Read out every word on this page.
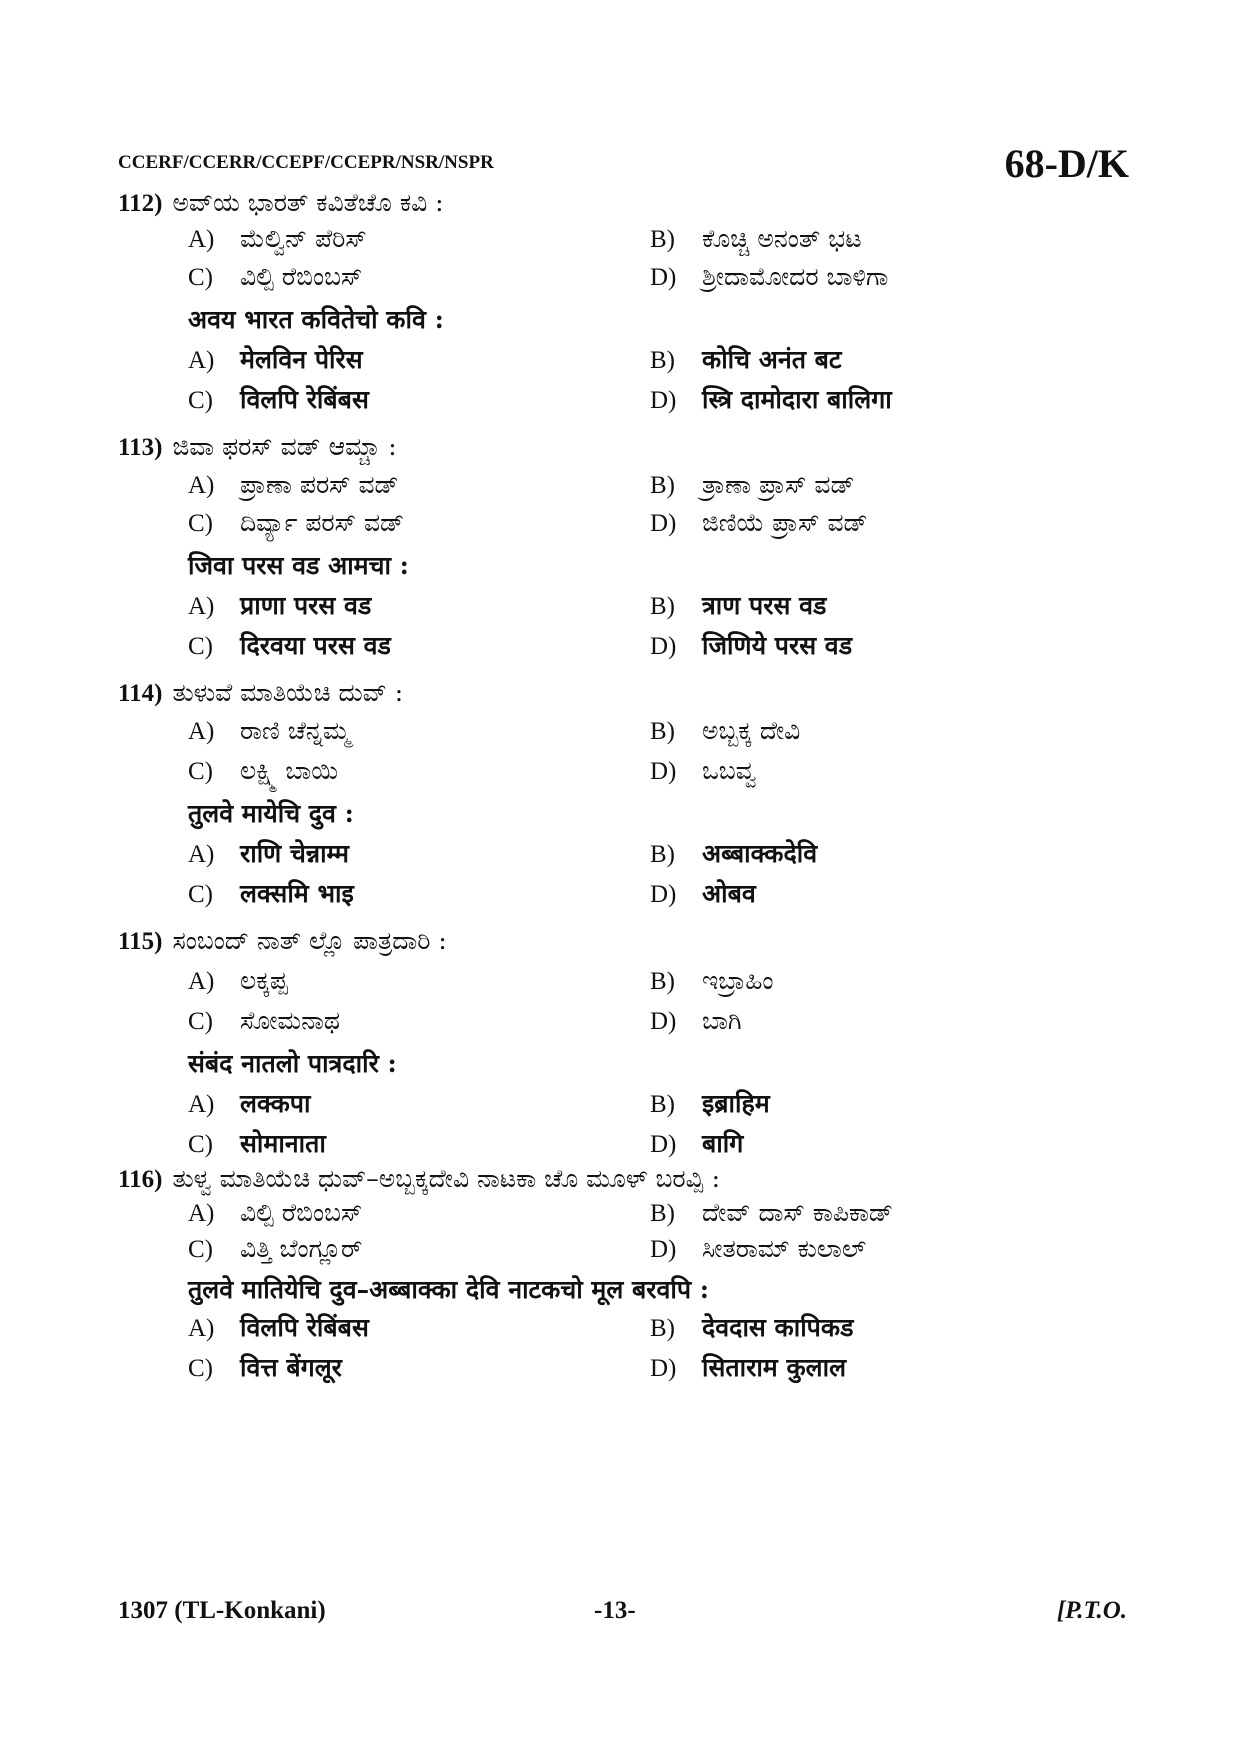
CCERF/CCERR/CCEPF/CCEPR/NSR/NSPR	68-D/K
112) ಅವ್‌ಯ ಭಾರತ್ ಕವಿತೆಚೊ ಕವಿ :
A) ಮೆಲ್ವಿನ್ ಪೆರಿಸ್	B) ಕೊಚ್ಚಿ ಅನಂತ್ ಭಟ
C) ವಿಲ್ಪಿ ರೆಬಿಂಬಸ್	D) ಶ್ರೀದಾಮೋದರ ಬಾಳಿಗಾ
अवय भारत कवितेचो कवि :
A) मेलविन पेरिस	B) कोचि अनंत बट
C) विलपि रेबिंबस	D) स्त्रि दामोदारा बालिगा
113) ಜಿವಾ ಫರಸ್ ವಡ್ ಆಮ್ಚಾ :
A) ಪ್ರಾಣಾ ಪರಸ್ ವಡ್	B) ತ್ರಾಣಾ ಪ್ರಾಸ್ ವಡ್
C) ದಿರ್ವ್ಯಾ ಪರಸ್ ವಡ್	D) ಜಿಣಿಯೆ ಪ್ರಾಸ್ ವಡ್
जिवा परस वड आमचा :
A) प्राणा परस वड	B) त्राण परस वड
C) दिरवया परस वड	D) जिणिये परस वड
114) ತುಳುವೆ ಮಾತಿಯೆಚಿ ದುವ್ :
A) ರಾಣಿ ಚೆನ್ನಮ್ಮ	B) ಅಬ್ಬಕ್ಕ ದೇವಿ
C) ಲಕ್ಷ್ಮಿ ಬಾಯಿ	D) ಒಬವ್ವ
तुलवे मायेचि दुव :
A) राणि चेन्नाम्म	B) अब्बाक्कदेवि
C) लक्समि भाइ	D) ओबव
115) ಸಂಬಂದ್ ನಾತ್ ಲ್ಲೊ ಪಾತ್ರದಾರಿ :
A) ಲಕ್ಕಪ್ಪ	B) ಇಬ್ರಾಹಿಂ
C) ಸೋಮನಾಥ	D) ಬಾಗಿ
संबंद नातलो पात्रदारि :
A) लक्कपा	B) इब्राहिम
C) सोमानाता	D) बागि
116) ತುಳ್ವ ಮಾತಿಯೆಚಿ ಧುವ್–ಅಬ್ಬಕ್ಕದೇವಿ ನಾಟಕಾ ಚೊ ಮೂಳ್ ಬರವ್ಪಿ :
A) ವಿಲ್ಪಿ ರೆಬಿಂಬಸ್	B) ದೇವ್ ದಾಸ್ ಕಾಪಿಕಾಡ್
C) ವಿತ್ತಿ ಬೆಂಗ್ಲೂರ್	D) ಸೀತರಾಮ್ ಕುಲಾಲ್
तुलवे मातियेचि दुव–अब्बाक्का देवि नाटकचो मूल बरवपि :
A) विलपि रेबिंबस	B) देवदास कापिकड
C) वित्त बेंगलूर	D) सिताराम कुलाल
1307 (TL-Konkani)	-13-	[P.T.O.
